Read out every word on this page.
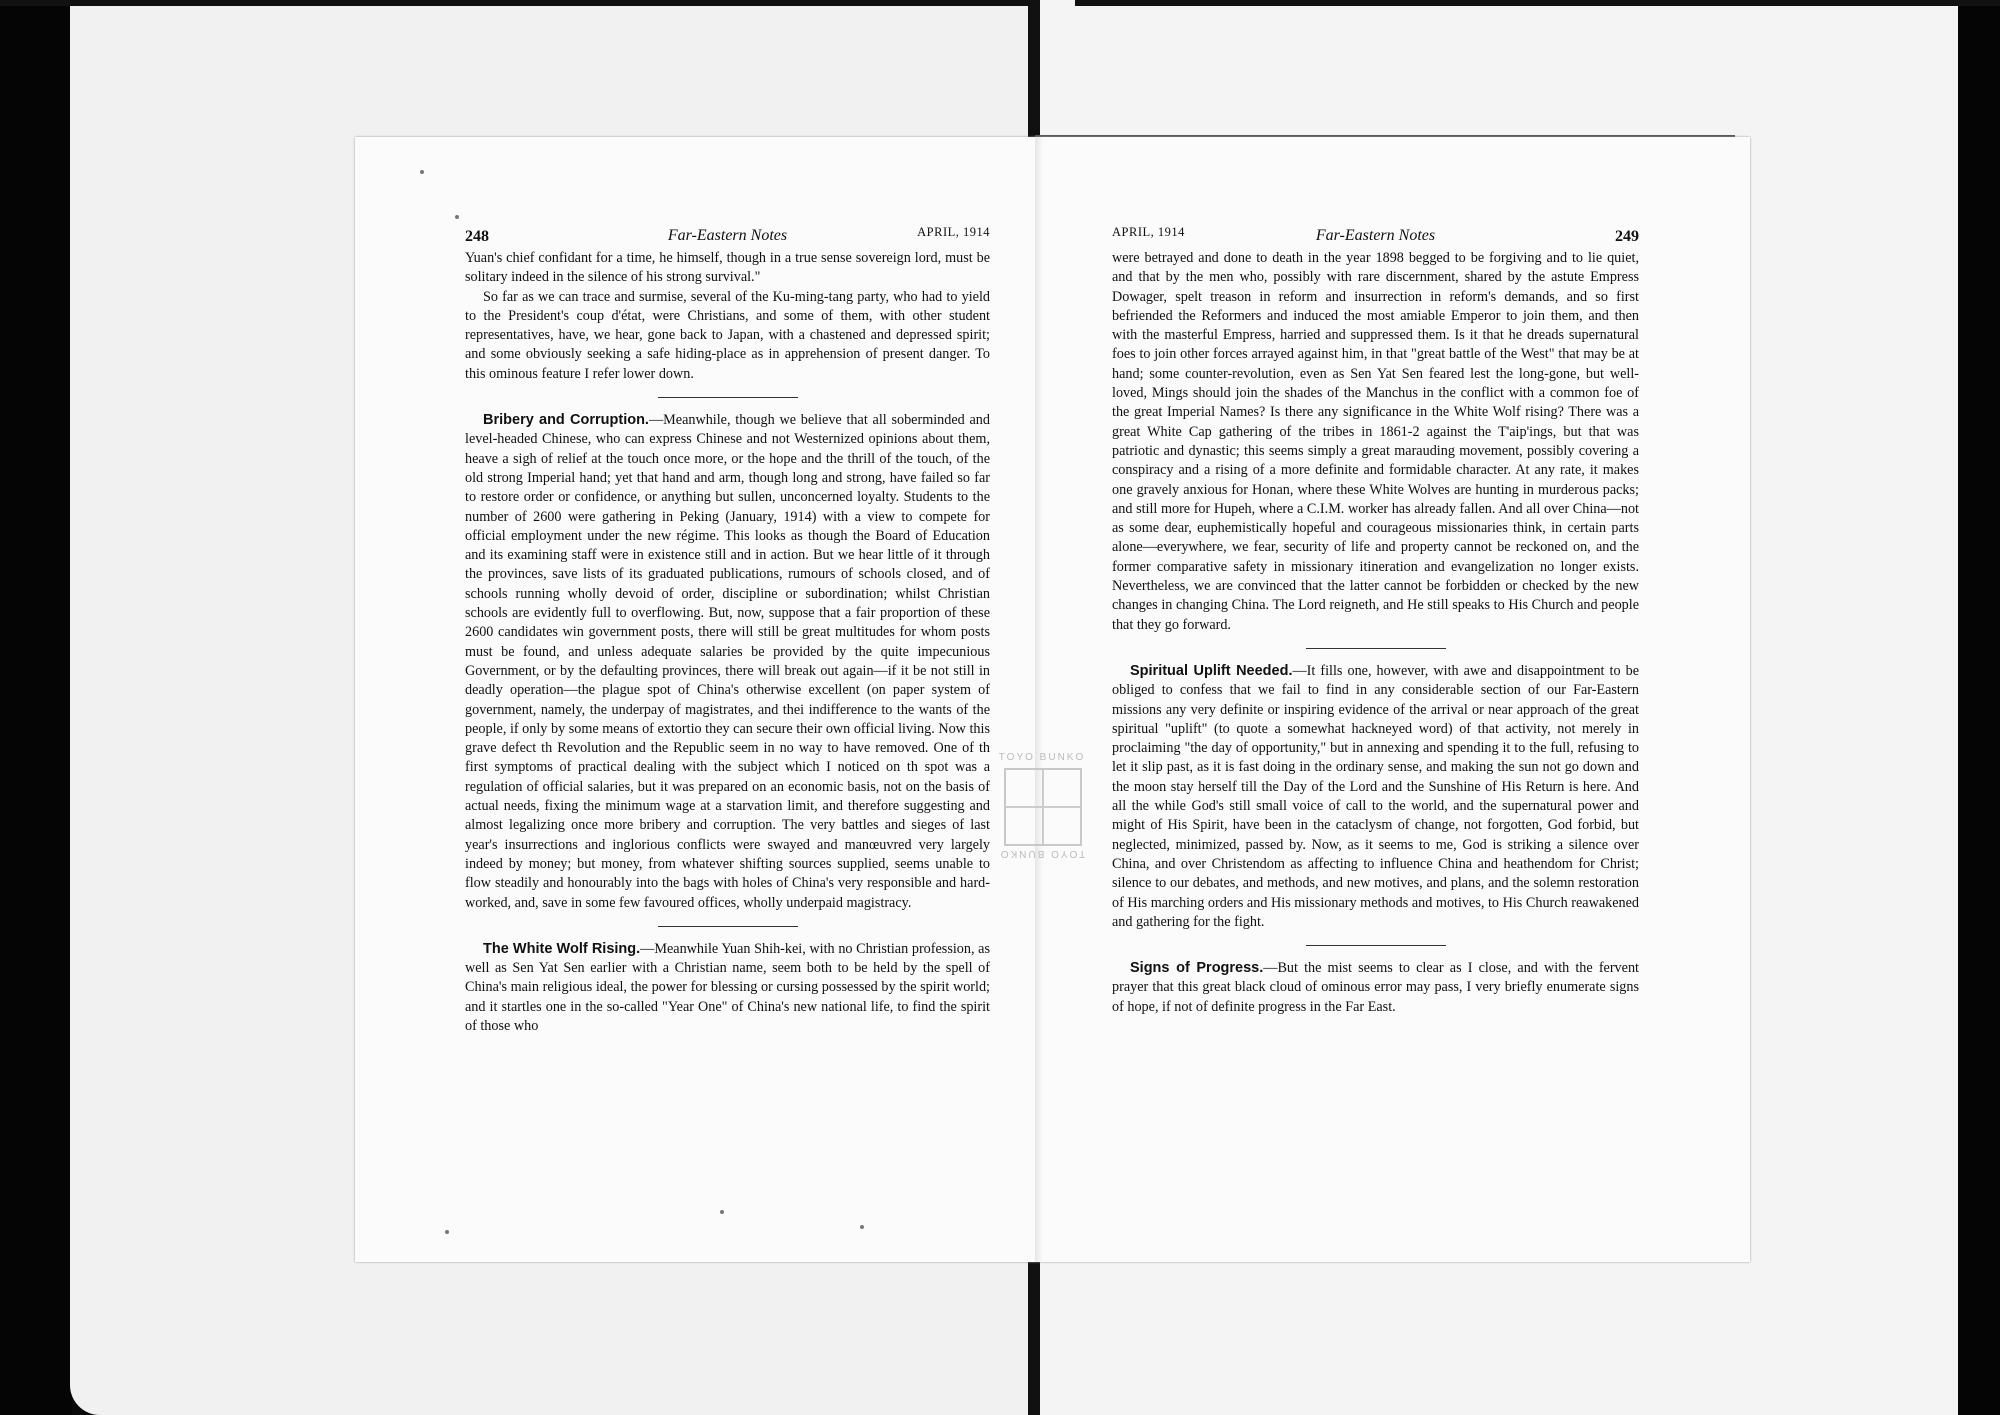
248	Far-Eastern Notes	APRIL, 1914

Yuan's chief confidant for a time, he himself, though in a true sense sovereign lord, must be solitary indeed in the silence of his strong survival."

So far as we can trace and surmise, several of the Ku-ming-tang party, who had to yield to the President's coup d'état, were Christians, and some of them, with other student representatives, have, we hear, gone back to Japan, with a chastened and depressed spirit; and some obviously seeking a safe hiding-place as in apprehension of present danger. To this ominous feature I refer lower down.

Bribery and Corruption.—Meanwhile, though we believe that all soberminded and level-headed Chinese, who can express Chinese and not Westernized opinions about them, heave a sigh of relief at the touch once more, or the hope and the thrill of the touch, of the old strong Imperial hand; yet that hand and arm, though long and strong, have failed so far to restore order or confidence, or anything but sullen, unconcerned loyalty. Students to the number of 2600 were gathering in Peking (January, 1914) with a view to compete for official employment under the new régime. This looks as though the Board of Education and its examining staff were in existence still and in action. But we hear little of it through the provinces, save lists of its graduated publications, rumours of schools closed, and of schools running wholly devoid of order, discipline or subordination; whilst Christian schools are evidently full to overflowing. But, now, suppose that a fair proportion of these 2600 candidates win government posts, there will still be great multitudes for whom posts must be found, and unless adequate salaries be provided by the quite impecunious Government, or by the defaulting provinces, there will break out again—if it be not still in deadly operation—the plague spot of China's otherwise excellent (on paper system of government, namely, the underpay of magistrates, and thei indifference to the wants of the people, if only by some means of extortio they can secure their own official living. Now this grave defect th Revolution and the Republic seem in no way to have removed. One of th first symptoms of practical dealing with the subject which I noticed on th spot was a regulation of official salaries, but it was prepared on an economic basis, not on the basis of actual needs, fixing the minimum wage at a starvation limit, and therefore suggesting and almost legalizing once more bribery and corruption. The very battles and sieges of last year's insurrections and inglorious conflicts were swayed and manœuvred very largely indeed by money; but money, from whatever shifting sources supplied, seems unable to flow steadily and honourably into the bags with holes of China's very responsible and hard-worked, and, save in some few favoured offices, wholly underpaid magistracy.

The White Wolf Rising.—Meanwhile Yuan Shih-kei, with no Christian profession, as well as Sen Yat Sen earlier with a Christian name, seem both to be held by the spell of China's main religious ideal, the power for blessing or cursing possessed by the spirit world; and it startles one in the so-called "Year One" of China's new national life, to find the spirit of those who

APRIL, 1914	Far-Eastern Notes	249

were betrayed and done to death in the year 1898 begged to be forgiving and to lie quiet, and that by the men who, possibly with rare discernment, shared by the astute Empress Dowager, spelt treason in reform and insurrection in reform's demands, and so first befriended the Reformers and induced the most amiable Emperor to join them, and then with the masterful Empress, harried and suppressed them. Is it that he dreads supernatural foes to join other forces arrayed against him, in that "great battle of the West" that may be at hand; some counter-revolution, even as Sen Yat Sen feared lest the long-gone, but well-loved, Mings should join the shades of the Manchus in the conflict with a common foe of the great Imperial Names? Is there any significance in the White Wolf rising? There was a great White Cap gathering of the tribes in 1861-2 against the T'aip'ings, but that was patriotic and dynastic; this seems simply a great marauding movement, possibly covering a conspiracy and a rising of a more definite and formidable character. At any rate, it makes one gravely anxious for Honan, where these White Wolves are hunting in murderous packs; and still more for Hupeh, where a C.I.M. worker has already fallen. And all over China—not as some dear, euphemistically hopeful and courageous missionaries think, in certain parts alone—everywhere, we fear, security of life and property cannot be reckoned on, and the former comparative safety in missionary itineration and evangelization no longer exists. Nevertheless, we are convinced that the latter cannot be forbidden or checked by the new changes in changing China. The Lord reigneth, and He still speaks to His Church and people that they go forward.

Spiritual Uplift Needed.—It fills one, however, with awe and disappointment to be obliged to confess that we fail to find in any considerable section of our Far-Eastern missions any very definite or inspiring evidence of the arrival or near approach of the great spiritual "uplift" (to quote a somewhat hackneyed word) of that activity, not merely in proclaiming "the day of opportunity," but in annexing and spending it to the full, refusing to let it slip past, as it is fast doing in the ordinary sense, and making the sun not go down and the moon stay herself till the Day of the Lord and the Sunshine of His Return is here. And all the while God's still small voice of call to the world, and the supernatural power and might of His Spirit, have been in the cataclysm of change, not forgotten, God forbid, but neglected, minimized, passed by. Now, as it seems to me, God is striking a silence over China, and over Christendom as affecting to influence China and heathendom for Christ; silence to our debates, and methods, and new motives, and plans, and the solemn restoration of His marching orders and His missionary methods and motives, to His Church reawakened and gathering for the fight.

Signs of Progress.—But the mist seems to clear as I close, and with the fervent prayer that this great black cloud of ominous error may pass, I very briefly enumerate signs of hope, if not of definite progress in the Far East.

TOYO BUNKO
TOYO BUNKO
